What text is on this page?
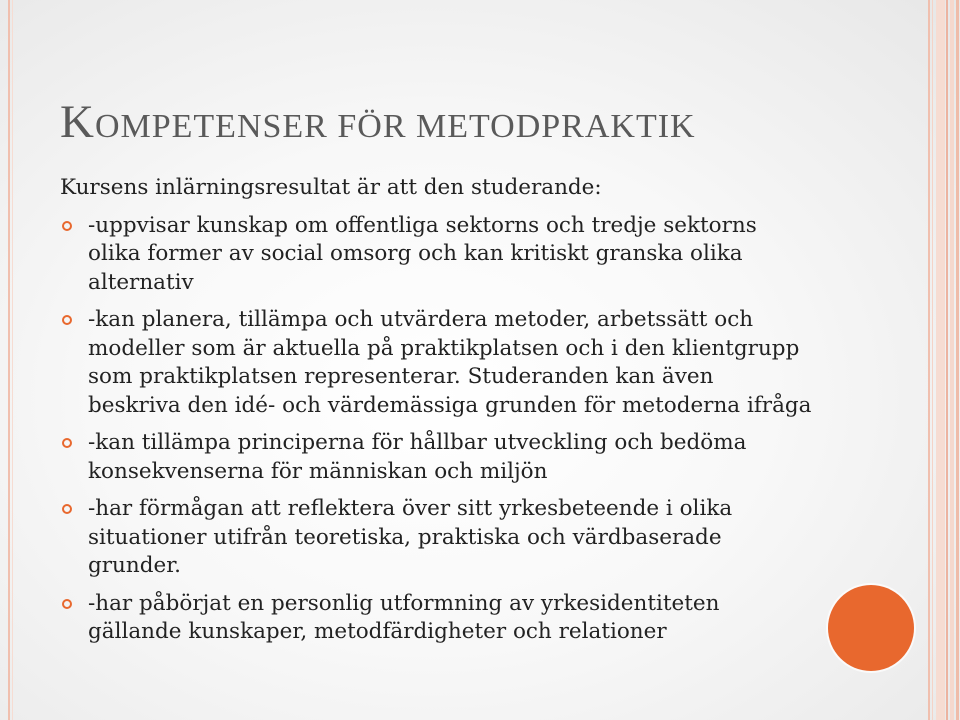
KOMPETENSER FÖR METODPRAKTIK

Kursens inlärningsresultat är att den studerande:

-uppvisar kunskap om offentliga sektorns och tredje sektorns
olika former av social omsorg och kan kritiskt granska olika
alternativ
-kan planera, tillämpa och utvärdera metoder, arbetssätt och
modeller som är aktuella på praktikplatsen och i den klientgrupp
som praktikplatsen representerar. Studeranden kan även
beskriva den idé- och värdemässiga grunden för metoderna ifråga
-kan tillämpa principerna för hållbar utveckling och bedöma
konsekvenserna för människan och miljön
-har förmågan att reflektera över sitt yrkesbeteende i olika
situationer utifrån teoretiska, praktiska och värdbaserade
grunder.
-har påbörjat en personlig utformning av yrkesidentiteten
gällande kunskaper, metodfärdigheter och relationer
